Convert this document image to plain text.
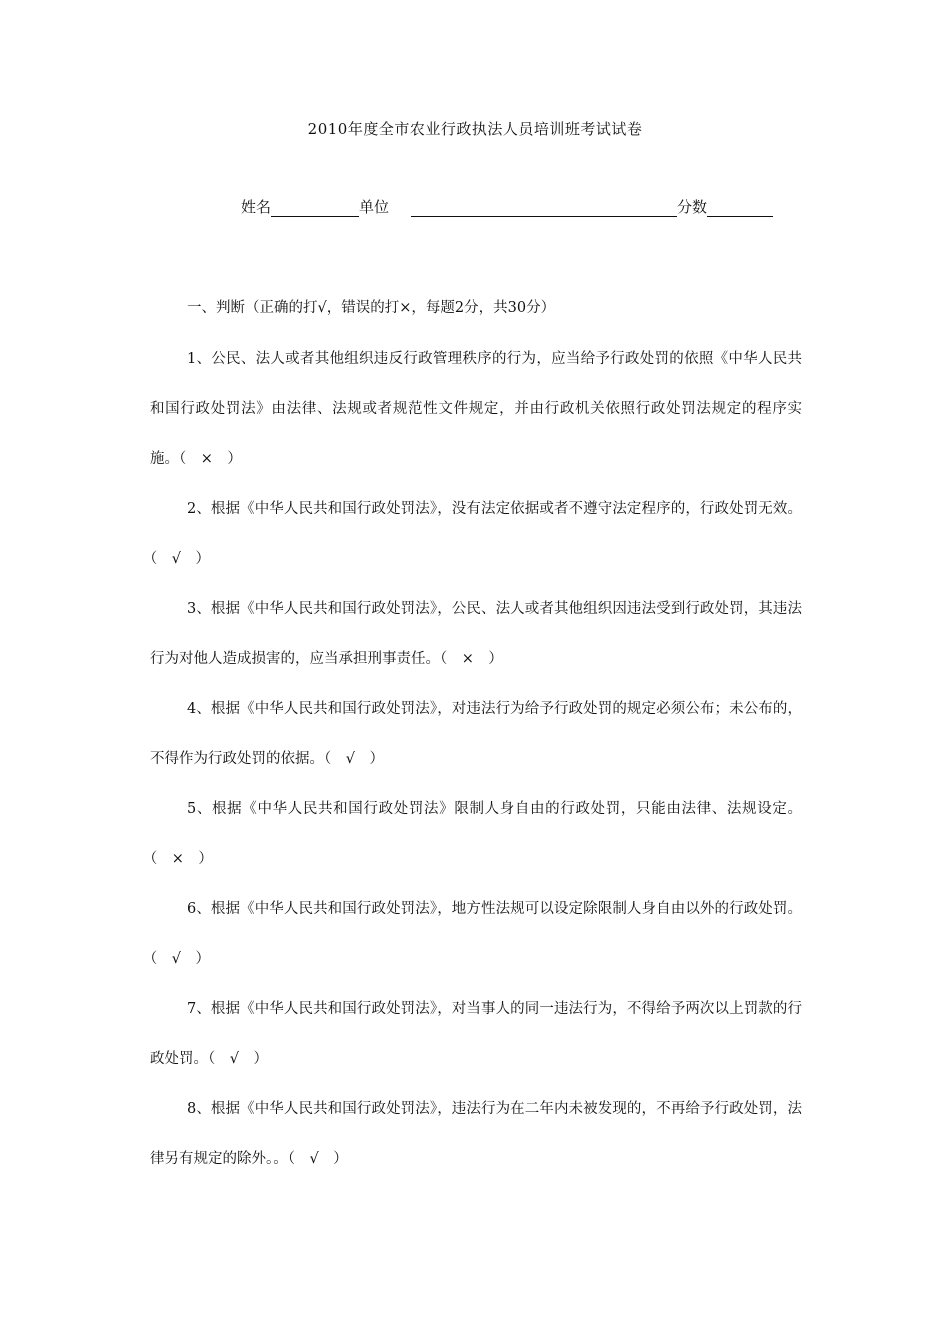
2010年度全市农业行政执法人员培训班考试试卷
姓名	单位	分数
一、判断（正确的打√，错误的打×，每题2分，共30分）

1、公民、法人或者其他组织违反行政管理秩序的行为，应当给予行政处罚的依照《中华人民共和国行政处罚法》由法律、法规或者规范性文件规定，并由行政机关依照行政处罚法规定的程序实施。（　×　）

2、根据《中华人民共和国行政处罚法》，没有法定依据或者不遵守法定程序的，行政处罚无效。（　√　）

3、根据《中华人民共和国行政处罚法》，公民、法人或者其他组织因违法受到行政处罚，其违法行为对他人造成损害的，应当承担刑事责任。（　×　）

4、根据《中华人民共和国行政处罚法》，对违法行为给予行政处罚的规定必须公布；未公布的，不得作为行政处罚的依据。（　√　）

5、根据《中华人民共和国行政处罚法》限制人身自由的行政处罚，只能由法律、法规设定。（　×　）

6、根据《中华人民共和国行政处罚法》，地方性法规可以设定除限制人身自由以外的行政处罚。（　√　）

7、根据《中华人民共和国行政处罚法》，对当事人的同一违法行为，不得给予两次以上罚款的行政处罚。（　√　）

8、根据《中华人民共和国行政处罚法》，违法行为在二年内未被发现的，不再给予行政处罚，法律另有规定的除外。。（　√　）
